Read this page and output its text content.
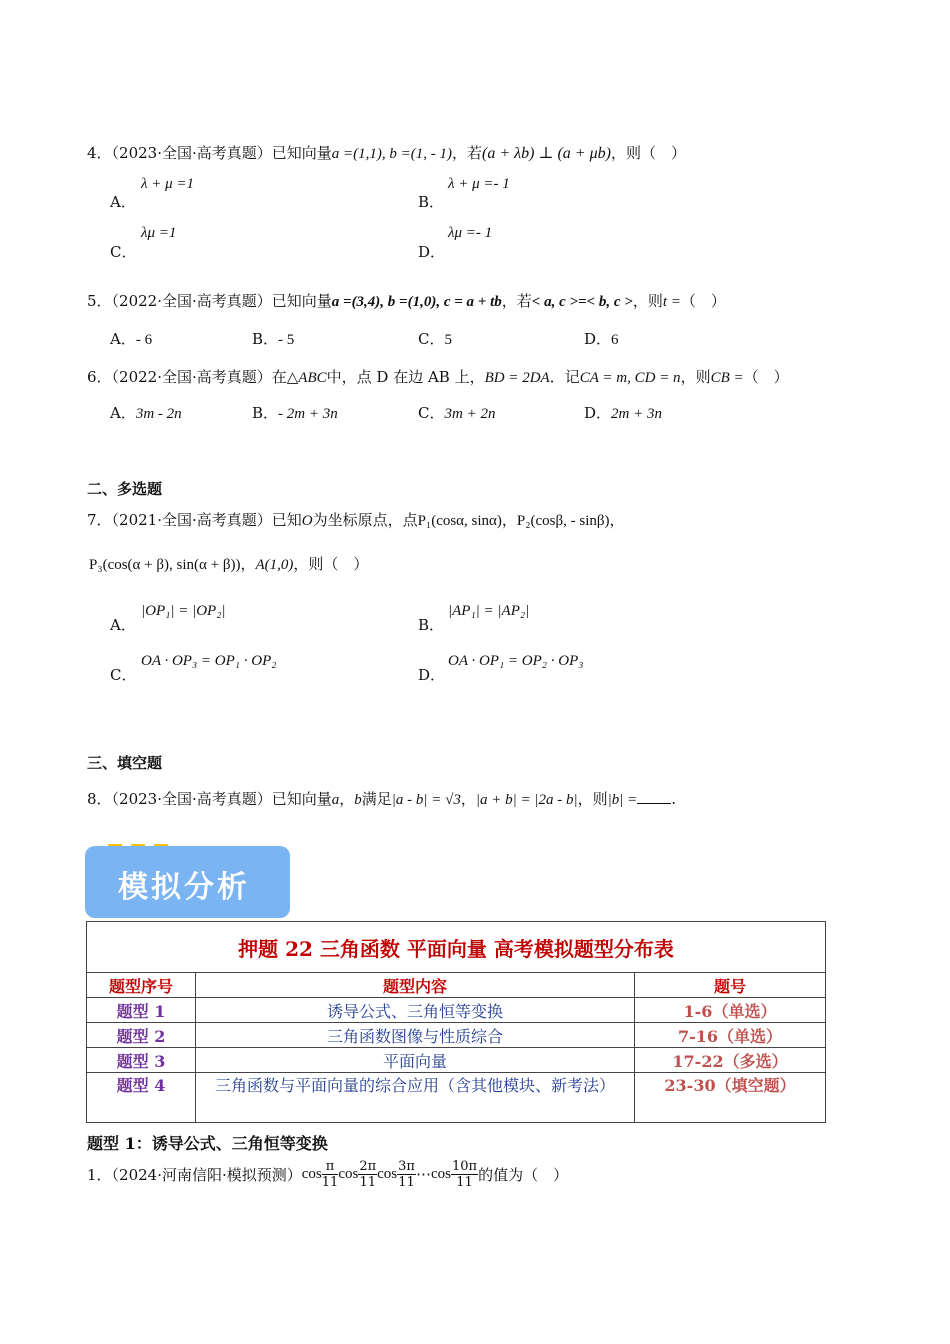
4．（2023·全国·高考真题）已知向量a =(1,1), b =(1, - 1)，若(a + λb) ⊥ (a + μb)，则（　）
A．
λ + μ =1
B．
λ + μ =- 1
C．
λμ =1
D．
λμ =- 1
5．（2022·全国·高考真题）已知向量a =(3,4), b =(1,0), c = a + tb，若< a, c >=< b, c >，则t =（　）
A．- 6	B．- 5	C．5	D．6
6．（2022·全国·高考真题）在△ABC中，点 D 在边 AB 上，BD = 2DA．记CA = m, CD = n，则CB =（　）
A．3m - 2n	B．- 2m + 3n	C．3m + 2n	D．2m + 3n
二、多选题
7．（2021·全国·高考真题）已知O为坐标原点，点P₁(cosα, sinα)，P₂(cosβ, - sinβ)，
P₃(cos(α + β), sin(α + β))，A(1,0)，则（　）
A．
|OP₁| = |OP₂|
B．
|AP₁| = |AP₂|
C．
OA · OP₃ = OP₁ · OP₂
D．
OA · OP₁ = OP₂ · OP₃
三、填空题
8．（2023·全国·高考真题）已知向量a，b满足|a - b| = √3，|a + b| = |2a - b|，则|b| = .
模拟分析
押题 22 三角函数 平面向量 高考模拟题型分布表		
题型序号	题型内容	题号
题型 1	诱导公式、三角恒等变换	1-6（单选）
题型 2	三角函数图像与性质综合	7-16（单选）
题型 3	平面向量	17-22（多选）
题型 4	三角函数与平面向量的综合应用（含其他模块、新考法）	23-30（填空题）
题型 1：诱导公式、三角恒等变换
1．（2024·河南信阳·模拟预测） $\cos \frac{\pi}{11}$ $\cos \frac{2\pi}{11}$ $\cos \frac{3\pi}{11}$ ⋯ $\cos \frac{10\pi}{11}$ 的值为（　）
